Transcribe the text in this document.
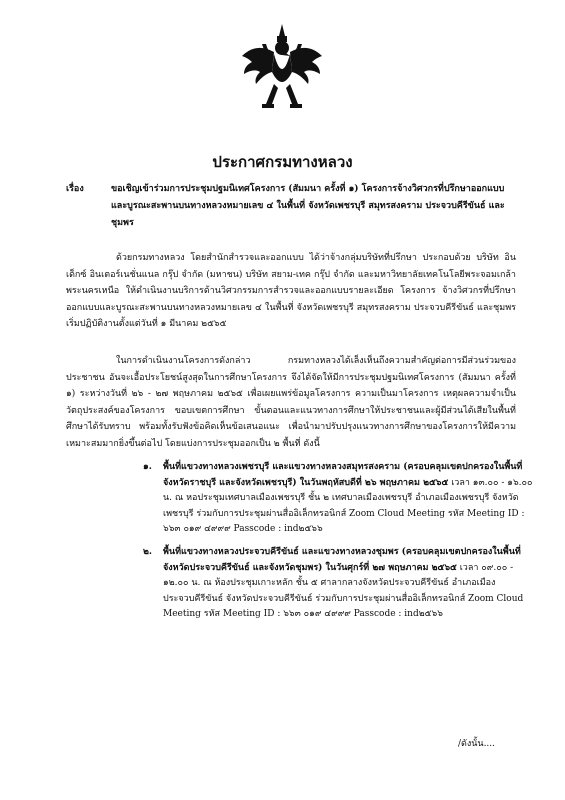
ประกาศกรมทางหลวง
เรื่อง	ขอเชิญเข้าร่วมการประชุมปฐมนิเทศโครงการ (สัมมนา ครั้งที่ ๑) โครงการจ้างวิศวกรที่ปรึกษาออกแบบและบูรณะสะพานบนทางหลวงหมายเลข ๔ ในพื้นที่ จังหวัดเพชรบุรี สมุทรสงคราม ประจวบคีรีขันธ์ และชุมพร

ด้วยกรมทางหลวง โดยสำนักสำรวจและออกแบบ ได้ว่าจ้างกลุ่มบริษัทที่ปรึกษา ประกอบด้วย บริษัท อินเด็กซ์ อินเตอร์เนชั่นแนล กรุ๊ป จำกัด (มหาชน) บริษัท สยาม-เทค กรุ๊ป จำกัด และมหาวิทยาลัยเทคโนโลยีพระจอมเกล้าพระนครเหนือ ให้ดำเนินงานบริการด้านวิศวกรรมการสำรวจและออกแบบรายละเอียด โครงการ จ้างวิศวกรที่ปรึกษาออกแบบและบูรณะสะพานบนทางหลวงหมายเลข ๔ ในพื้นที่ จังหวัดเพชรบุรี สมุทรสงคราม ประจวบคีรีขันธ์ และชุมพร เริ่มปฏิบัติงานตั้งแต่วันที่ ๑ มีนาคม ๒๕๖๕

ในการดำเนินงานโครงการดังกล่าว กรมทางหลวงได้เล็งเห็นถึงความสำคัญต่อการมีส่วนร่วมของประชาชน อันจะเอื้อประโยชน์สูงสุดในการศึกษาโครงการ จึงได้จัดให้มีการประชุมปฐมนิเทศโครงการ (สัมมนา ครั้งที่ ๑) ระหว่างวันที่ ๒๖ - ๒๗ พฤษภาคม ๒๕๖๕ เพื่อเผยแพร่ข้อมูลโครงการ ความเป็นมาโครงการ เหตุผลความจำเป็น วัตถุประสงค์ของโครงการ ขอบเขตการศึกษา ขั้นตอนและแนวทางการศึกษาให้ประชาชนและผู้มีส่วนได้เสียในพื้นที่ศึกษาได้รับทราบ พร้อมทั้งรับฟังข้อคิดเห็นข้อเสนอแนะ เพื่อนำมาปรับปรุงแนวทางการศึกษาของโครงการให้มีความเหมาะสมมากยิ่งขึ้นต่อไป โดยแบ่งการประชุมออกเป็น ๒ พื้นที่ ดังนี้

๑. พื้นที่แขวงทางหลวงเพชรบุรี และแขวงทางหลวงสมุทรสงคราม (ครอบคลุมเขตปกครองในพื้นที่จังหวัดราชบุรี และจังหวัดเพชรบุรี) ในวันพฤหัสบดีที่ ๒๖ พฤษภาคม ๒๕๖๕ เวลา ๑๓.๐๐ - ๑๖.๐๐ น. ณ หอประชุมเทศบาลเมืองเพชรบุรี ชั้น ๒ เทศบาลเมืองเพชรบุรี อำเภอเมืองเพชรบุรี จังหวัดเพชรบุรี ร่วมกับการประชุมผ่านสื่ออิเล็กทรอนิกส์ Zoom Cloud Meeting รหัส Meeting ID : ๖๖๓ ๐๑๙ ๔๙๙๙ Passcode : ind๒๕๖๖
๒. พื้นที่แขวงทางหลวงประจวบคีรีขันธ์ และแขวงทางหลวงชุมพร (ครอบคลุมเขตปกครองในพื้นที่จังหวัดประจวบคีรีขันธ์ และจังหวัดชุมพร) ในวันศุกร์ที่ ๒๗ พฤษภาคม ๒๕๖๕ เวลา ๐๙.๐๐ - ๑๒.๐๐ น. ณ ห้องประชุมเกาะหลัก ชั้น ๕ ศาลากลางจังหวัดประจวบคีรีขันธ์ อำเภอเมืองประจวบคีรีขันธ์ จังหวัดประจวบคีรีขันธ์ ร่วมกับการประชุมผ่านสื่ออิเล็กทรอนิกส์ Zoom Cloud Meeting รหัส Meeting ID : ๖๖๓ ๐๑๙ ๔๙๙๙ Passcode : ind๒๕๖๖
/ดังนั้น....
